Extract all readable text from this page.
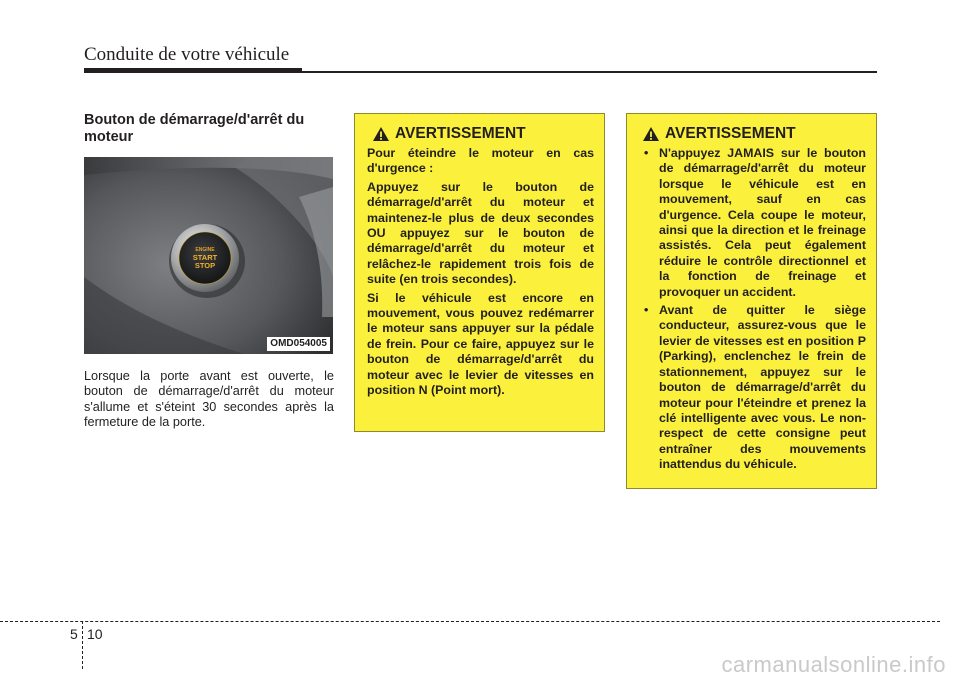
Conduite de votre véhicule
Bouton de démarrage/d'arrêt du moteur
ENGINE
START
STOP
OMD054005
Lorsque la porte avant est ouverte, le bouton de démarrage/d'arrêt du moteur s'allume et s'éteint 30 secondes après la fermeture de la porte.
AVERTISSEMENT

Pour éteindre le moteur en cas d'urgence :

Appuyez sur le bouton de démarrage/d'arrêt du moteur et maintenez-le plus de deux secondes OU appuyez sur le bouton de démarrage/d'arrêt du moteur et relâchez-le rapidement trois fois de suite (en trois secondes).

Si le véhicule est encore en mouvement, vous pouvez redémarrer le moteur sans appuyer sur la pédale de frein. Pour ce faire, appuyez sur le bouton de démarrage/d'arrêt du moteur avec le levier de vitesses en position N (Point mort).

AVERTISSEMENT
• N'appuyez JAMAIS sur le bouton de démarrage/d'arrêt du moteur lorsque le véhicule est en mouvement, sauf en cas d'urgence. Cela coupe le moteur, ainsi que la direction et le freinage assistés. Cela peut également réduire le contrôle directionnel et la fonction de freinage et provoquer un accident.
• Avant de quitter le siège conducteur, assurez-vous que le levier de vitesses est en position P (Parking), enclenchez le frein de stationnement, appuyez sur le bouton de démarrage/d'arrêt du moteur pour l'éteindre et prenez la clé intelligente avec vous. Le non-respect de cette consigne peut entraîner des mouvements inattendus du véhicule.
5 10
carmanualsonline.info
